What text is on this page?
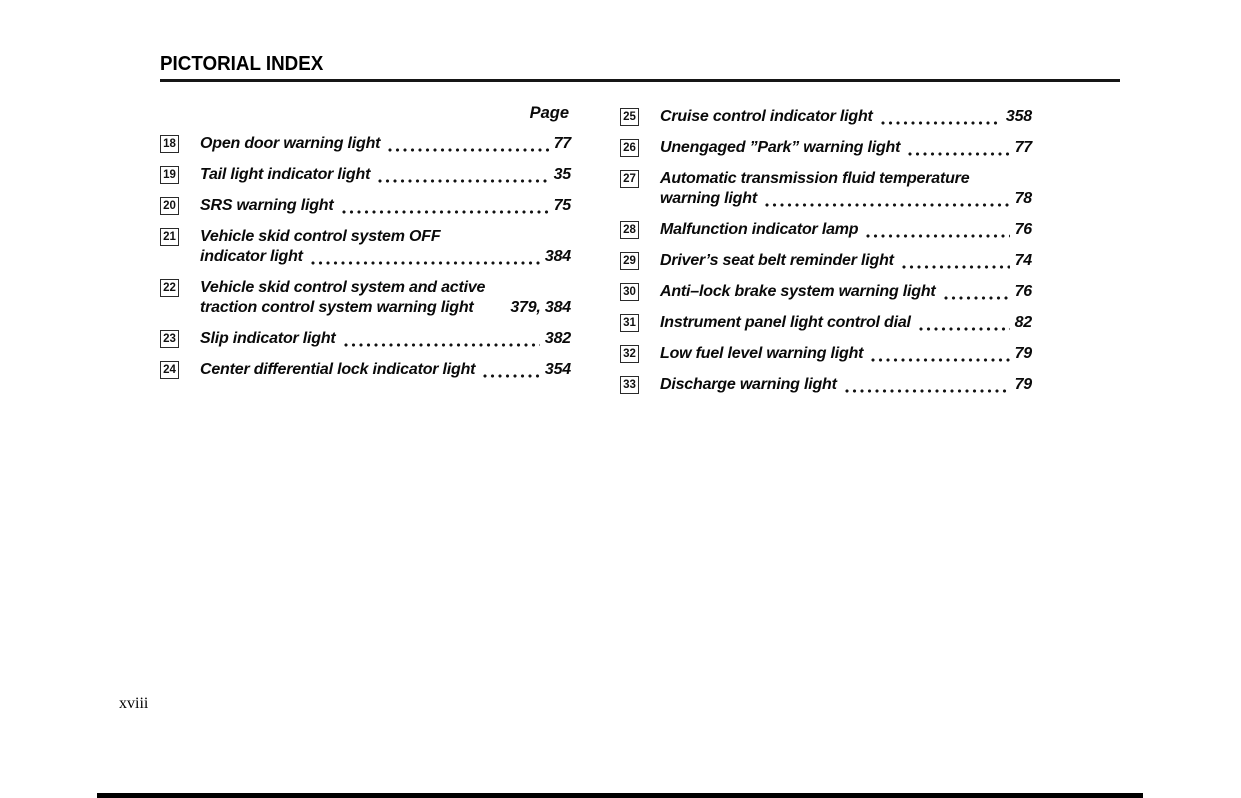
PICTORIAL INDEX
Page
18 Open door warning light	77
19 Tail light indicator light	35
20 SRS warning light	75
21 Vehicle skid control system OFF
indicator light	384
22 Vehicle skid control system and active
traction control system warning light 379, 384
23 Slip indicator light	382
24 Center differential lock indicator light	354
25 Cruise control indicator light	358
26 Unengaged ”Park” warning light	77
27 Automatic transmission fluid temperature
warning light	78
28 Malfunction indicator lamp	76
29 Driver’s seat belt reminder light	74
30 Anti–lock brake system warning light	76
31 Instrument panel light control dial	82
32 Low fuel level warning light	79
33 Discharge warning light	79
xviii
